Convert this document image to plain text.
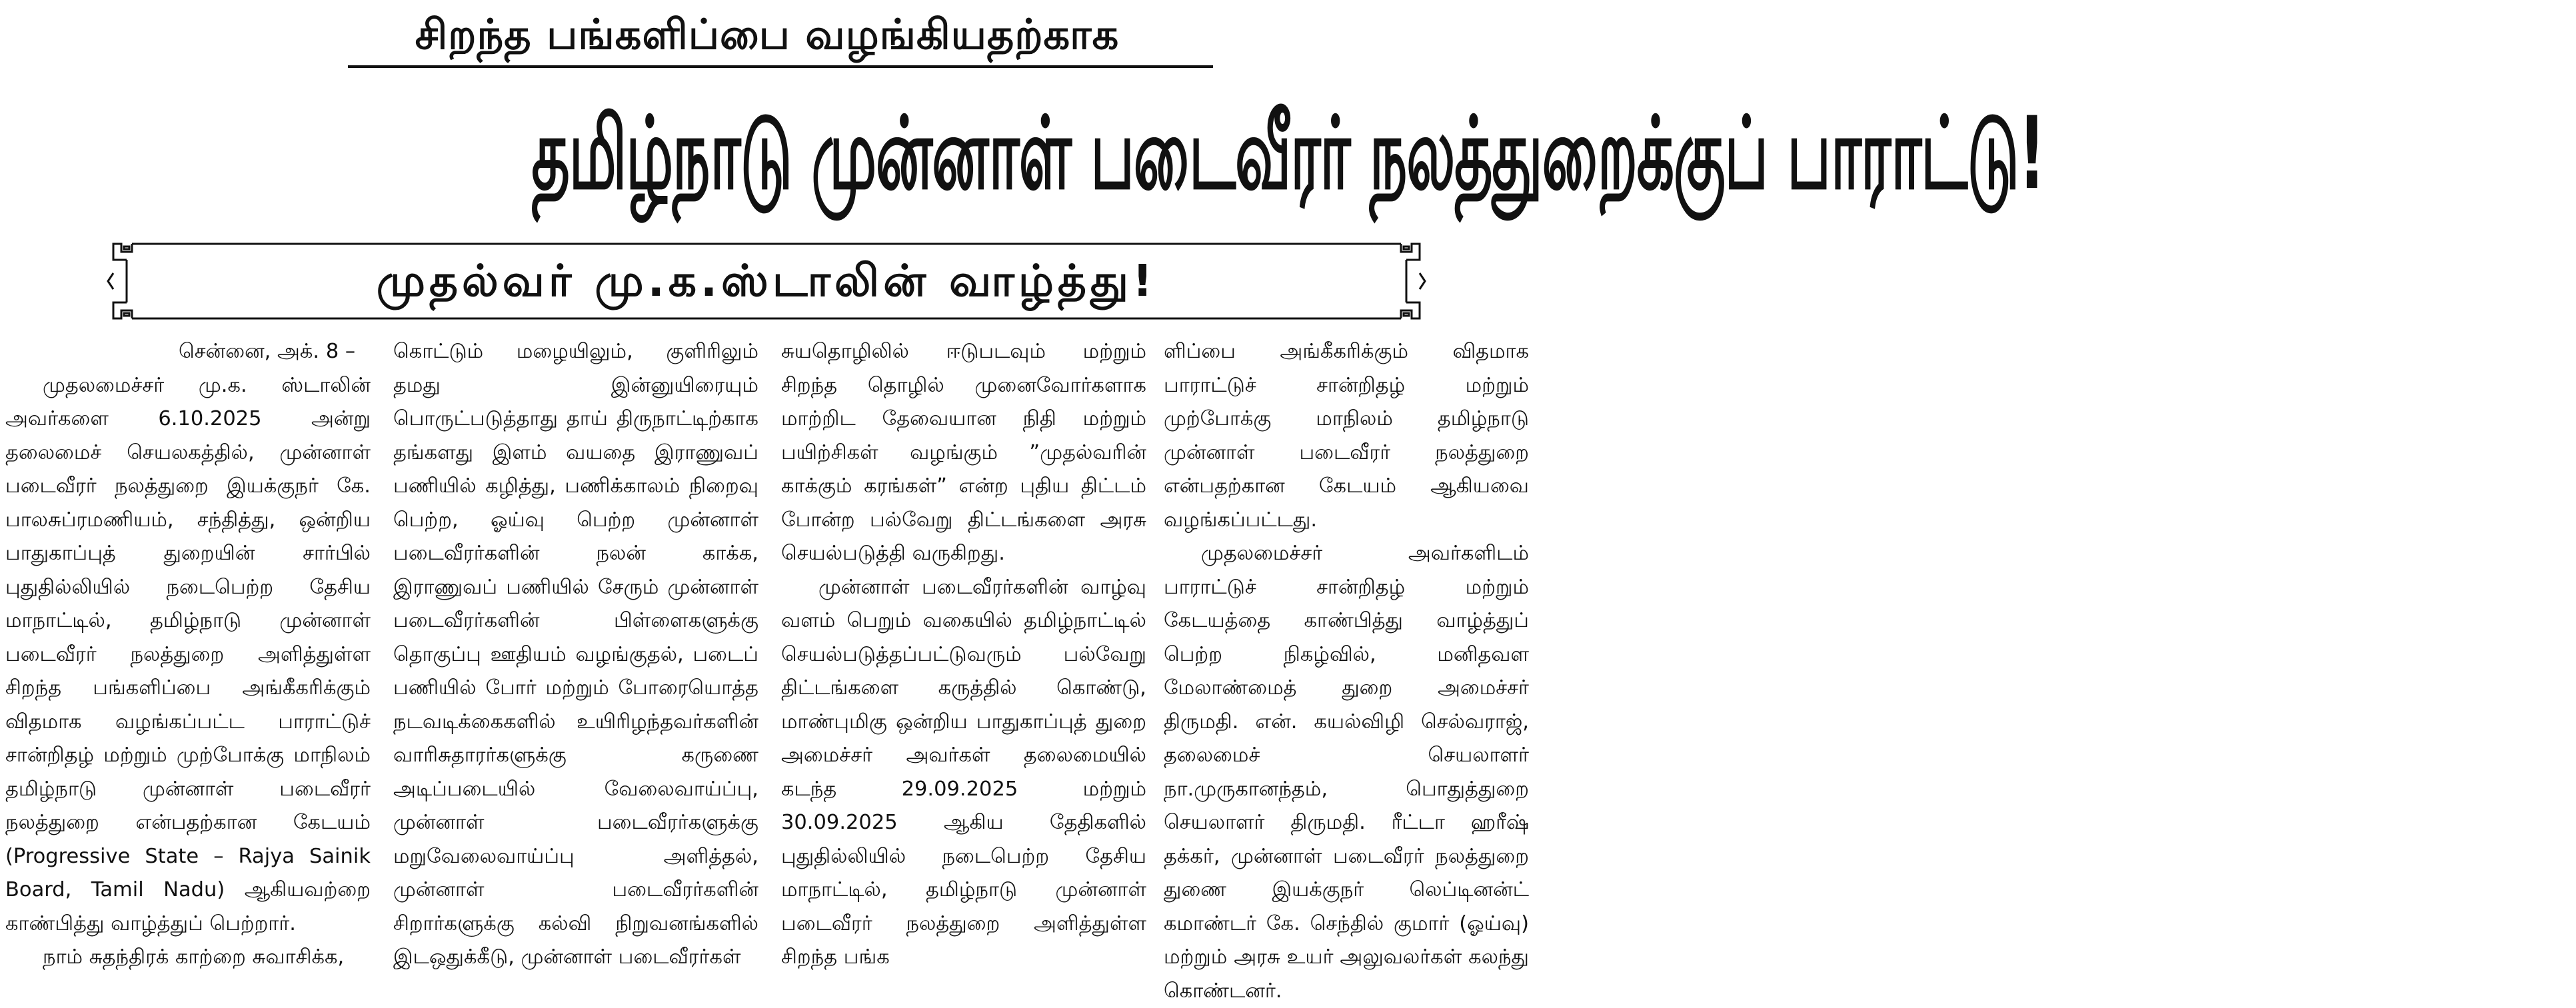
சிறந்த பங்களிப்பை வழங்கியதற்காக
தமிழ்நாடு முன்னாள் படைவீரர் நலத்துறைக்குப் பாராட்டு!
முதல்வர் மு.க.ஸ்டாலின் வாழ்த்து!

சென்னை, அக். 8 –

முதலமைச்சர் மு.க. ஸ்டாலின் அவர்களை 6.10.2025 அன்று தலைமைச் செயலகத்தில், முன்னாள் படைவீரர் நலத்துறை இயக்குநர் கே. பாலசுப்ரமணியம், சந்தித்து, ஒன்றிய பாதுகாப்புத் துறையின் சார்பில் புதுதில்லியில் நடைபெற்ற தேசிய மாநாட்டில், தமிழ்நாடு முன்னாள் படைவீரர் நலத்துறை அளித்துள்ள சிறந்த பங்களிப்பை அங்கீகரிக்கும் விதமாக வழங்கப்பட்ட பாராட்டுச் சான்றிதழ் மற்றும் முற்போக்கு மாநிலம் தமிழ்நாடு முன்னாள் படைவீரர் நலத்துறை என்பதற்கான கேடயம் (Progressive State – Rajya Sainik Board, Tamil Nadu) ஆகியவற்றை காண்பித்து வாழ்த்துப் பெற்றார்.

நாம் சுதந்திரக் காற்றை சுவாசிக்க,

கொட்டும் மழையிலும், குளிரிலும் தமது இன்னுயிரையும் பொருட்படுத்தாது தாய் திருநாட்டிற்காக தங்களது இளம் வயதை இராணுவப் பணியில் கழித்து, பணிக்காலம் நிறைவு பெற்ற, ஓய்வு பெற்ற முன்னாள் படைவீரர்களின் நலன் காக்க, இராணுவப் பணியில் சேரும் முன்னாள் படைவீரர்களின் பிள்ளைகளுக்கு தொகுப்பு ஊதியம் வழங்குதல், படைப் பணியில் போர் மற்றும் போரையொத்த நடவடிக்கைகளில் உயிரிழந்தவர்களின் வாரிசுதாரர்களுக்கு கருணை அடிப்படையில் வேலைவாய்ப்பு, முன்னாள் படைவீரர்களுக்கு மறுவேலைவாய்ப்பு அளித்தல், முன்னாள் படைவீரர்களின் சிறார்களுக்கு கல்வி நிறுவனங்களில் இடஒதுக்கீடு, முன்னாள் படைவீரர்கள்

சுயதொழிலில் ஈடுபடவும் மற்றும் சிறந்த தொழில் முனைவோர்களாக மாற்றிட தேவையான நிதி மற்றும் பயிற்சிகள் வழங்கும் ”முதல்வரின் காக்கும் கரங்கள்” என்ற புதிய திட்டம் போன்ற பல்வேறு திட்டங்களை அரசு செயல்படுத்தி வருகிறது.

முன்னாள் படைவீரர்களின் வாழ்வு வளம் பெறும் வகையில் தமிழ்நாட்டில் செயல்படுத்தப்பட்டுவரும் பல்வேறு திட்டங்களை கருத்தில் கொண்டு, மாண்புமிகு ஒன்றிய பாதுகாப்புத் துறை அமைச்சர் அவர்கள் தலைமையில் கடந்த 29.09.2025 மற்றும் 30.09.2025 ஆகிய தேதிகளில் புதுதில்லியில் நடைபெற்ற தேசிய மாநாட்டில், தமிழ்நாடு முன்னாள் படைவீரர் நலத்துறை அளித்துள்ள சிறந்த பங்க

ளிப்பை அங்கீகரிக்கும் விதமாக பாராட்டுச் சான்றிதழ் மற்றும் முற்போக்கு மாநிலம் தமிழ்நாடு முன்னாள் படைவீரர் நலத்துறை என்பதற்கான கேடயம் ஆகியவை வழங்கப்பட்டது.

முதலமைச்சர் அவர்களிடம் பாராட்டுச் சான்றிதழ் மற்றும் கேடயத்தை காண்பித்து வாழ்த்துப் பெற்ற நிகழ்வில், மனிதவள மேலாண்மைத் துறை அமைச்சர் திருமதி. என். கயல்விழி செல்வராஜ், தலைமைச் செயலாளர் நா.முருகானந்தம், பொதுத்துறை செயலாளர் திருமதி. ரீட்டா ஹரீஷ் தக்கர், முன்னாள் படைவீரர் நலத்துறை துணை இயக்குநர் லெப்டினன்ட் கமாண்டர் கே. செந்தில் குமார் (ஓய்வு) மற்றும் அரசு உயர் அலுவலர்கள் கலந்து கொண்டனர்.
